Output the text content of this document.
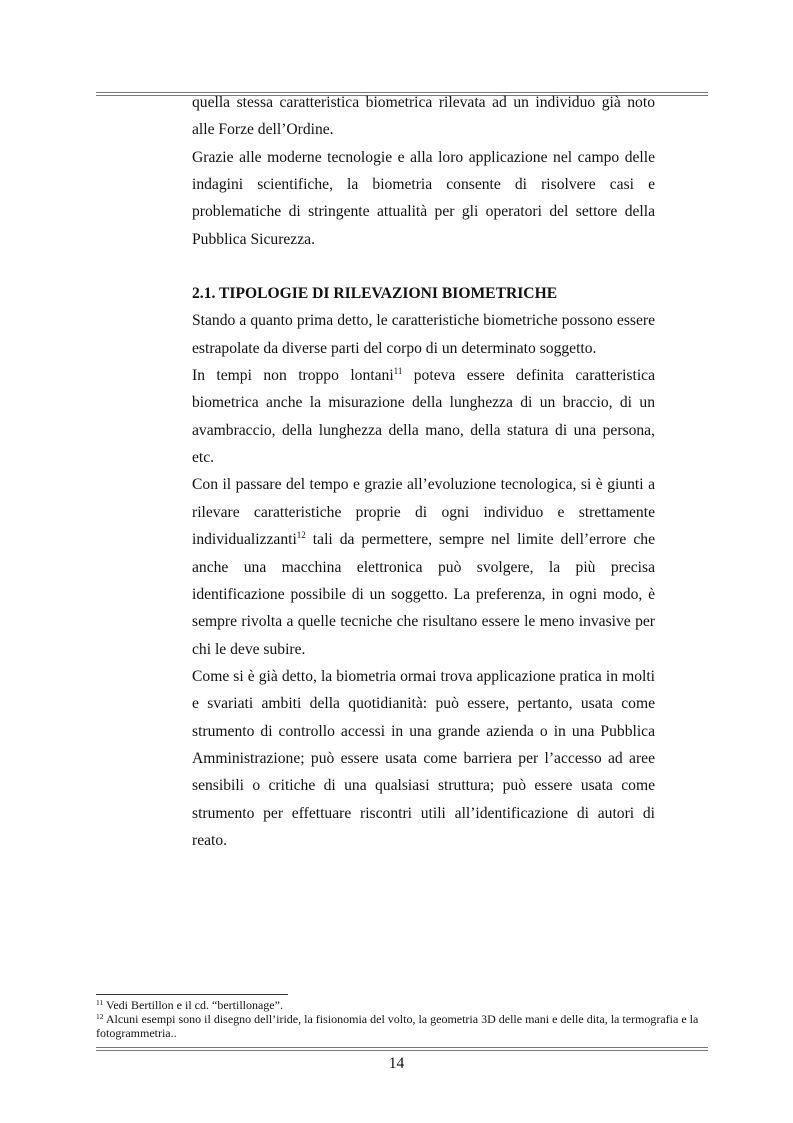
quella stessa caratteristica biometrica rilevata ad un individuo già noto alle Forze dell’Ordine.

Grazie alle moderne tecnologie e alla loro applicazione nel campo delle indagini scientifiche, la biometria consente di risolvere casi e problematiche di stringente attualità per gli operatori del settore della Pubblica Sicurezza.

2.1. TIPOLOGIE DI RILEVAZIONI BIOMETRICHE

Stando a quanto prima detto, le caratteristiche biometriche possono essere estrapolate da diverse parti del corpo di un determinato soggetto.

In tempi non troppo lontani$^{11}$ poteva essere definita caratteristica biometrica anche la misurazione della lunghezza di un braccio, di un avambraccio, della lunghezza della mano, della statura di una persona, etc.

Con il passare del tempo e grazie all’evoluzione tecnologica, si è giunti a rilevare caratteristiche proprie di ogni individuo e strettamente individualizzanti$^{12}$ tali da permettere, sempre nel limite dell’errore che anche una macchina elettronica può svolgere, la più precisa identificazione possibile di un soggetto. La preferenza, in ogni modo, è sempre rivolta a quelle tecniche che risultano essere le meno invasive per chi le deve subire.

Come si è già detto, la biometria ormai trova applicazione pratica in molti e svariati ambiti della quotidianità: può essere, pertanto, usata come strumento di controllo accessi in una grande azienda o in una Pubblica Amministrazione; può essere usata come barriera per l’accesso ad aree sensibili o critiche di una qualsiasi struttura; può essere usata come strumento per effettuare riscontri utili all’identificazione di autori di reato.

$^{11}$ Vedi Bertillon e il cd. “bertillonage”.

$^{12}$ Alcuni esempi sono il disegno dell’iride, la fisionomia del volto, la geometria 3D delle mani e delle dita, la termografia e la fotogrammetria..

14
